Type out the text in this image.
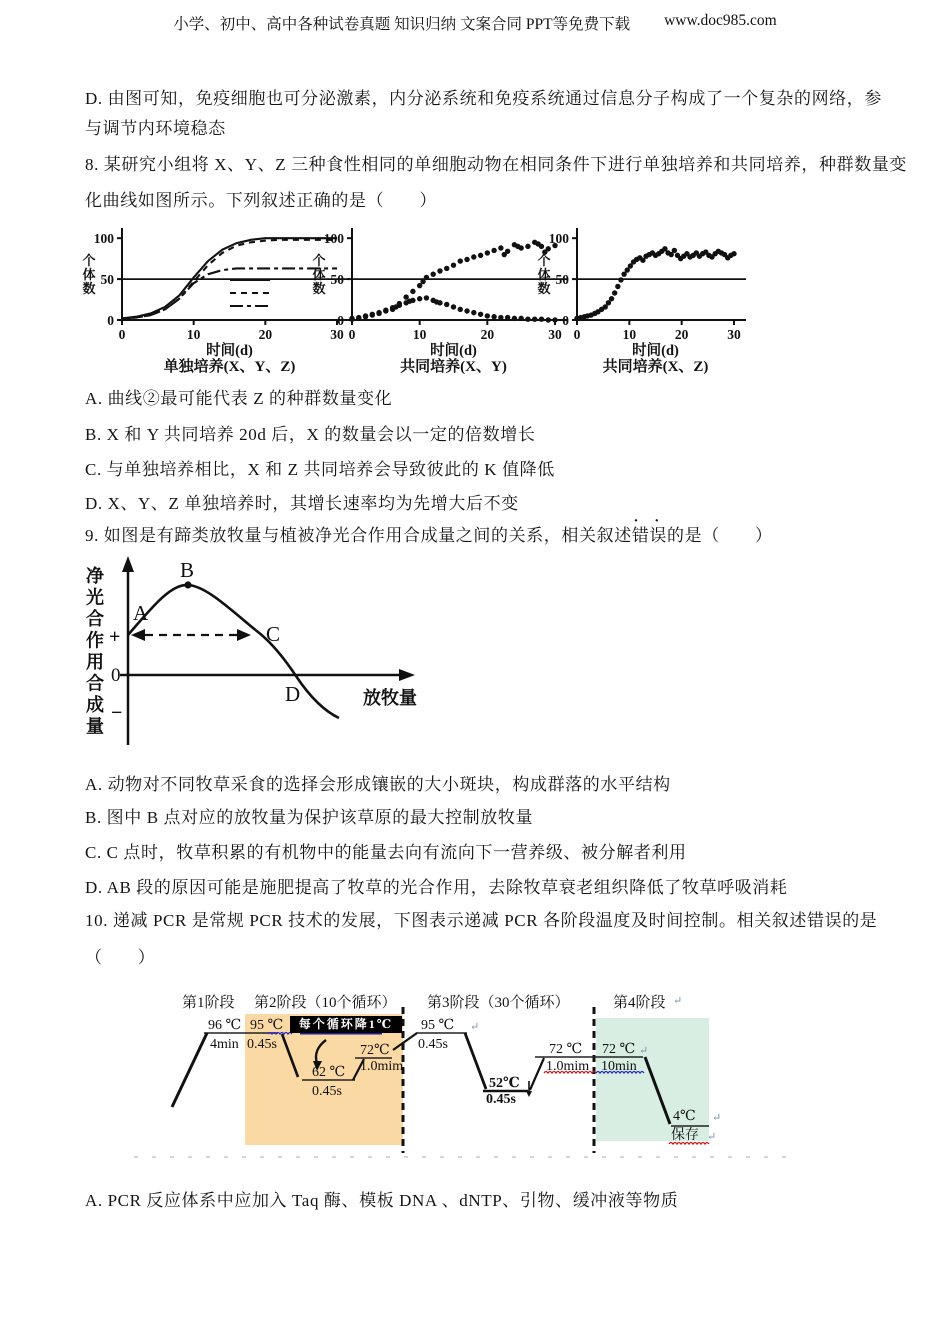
小学、初中、高中各种试卷真题 知识归纳 文案合同 PPT等免费下载 www.doc985.com
D. 由图可知，免疫细胞也可分泌激素，内分泌系统和免疫系统通过信息分子构成了一个复杂的网络，参
与调节内环境稳态
8. 某研究小组将 X、Y、Z 三种食性相同的单细胞动物在相同条件下进行单独培养和共同培养，种群数量变
化曲线如图所示。下列叙述正确的是（　　）
0
50
100
0	10	20	30
个体数
时间(d)
单独培养(X、Y、Z)
0
50
100
0	10	20	30
个体数
时间(d)
共同培养(X、Y)
0
50
100
0	10	20	30
个体数
时间(d)
共同培养(X、Z)
A. 曲线②最可能代表 Z 的种群数量变化
B. X 和 Y 共同培养 20d 后，X 的数量会以一定的倍数增长
C. 与单独培养相比，X 和 Z 共同培养会导致彼此的 K 值降低
D. X、Y、Z 单独培养时，其增长速率均为先增大后不变
9. 如图是有蹄类放牧量与植被净光合作用合成量之间的关系，相关叙述· · 错误的是（　　）
净光合作用合成量
+
0
−
A
B
C
D	放牧量
A. 动物对不同牧草采食的选择会形成镶嵌的大小斑块，构成群落的水平结构
B. 图中 B 点对应的放牧量为保护该草原的最大控制放牧量
C. C 点时，牧草积累的有机物中的能量去向有流向下一营养级、被分解者利用
D. AB 段的原因可能是施肥提高了牧草的光合作用，去除牧草衰老组织降低了牧草呼吸消耗
10. 递减 PCR 是常规 PCR 技术的发展，下图表示递减 PCR 各阶段温度及时间控制。相关叙述错误的是
（　　）
第1阶段 第2阶段（10个循环） 第3阶段（30个循环）	第4阶段
96 ℃
4min
95 ℃
0.45s
每个循环降1℃
62 ℃
0.45s
72℃
1.0mim
95 ℃
0.45s
52℃
0.45s
72 ℃
1.0mim
72 ℃
10min
4℃
保存
↵
↵
↵
↵
↵
A. PCR 反应体系中应加入 Taq 酶、模板 DNA 、dNTP、引物、缓冲液等物质
